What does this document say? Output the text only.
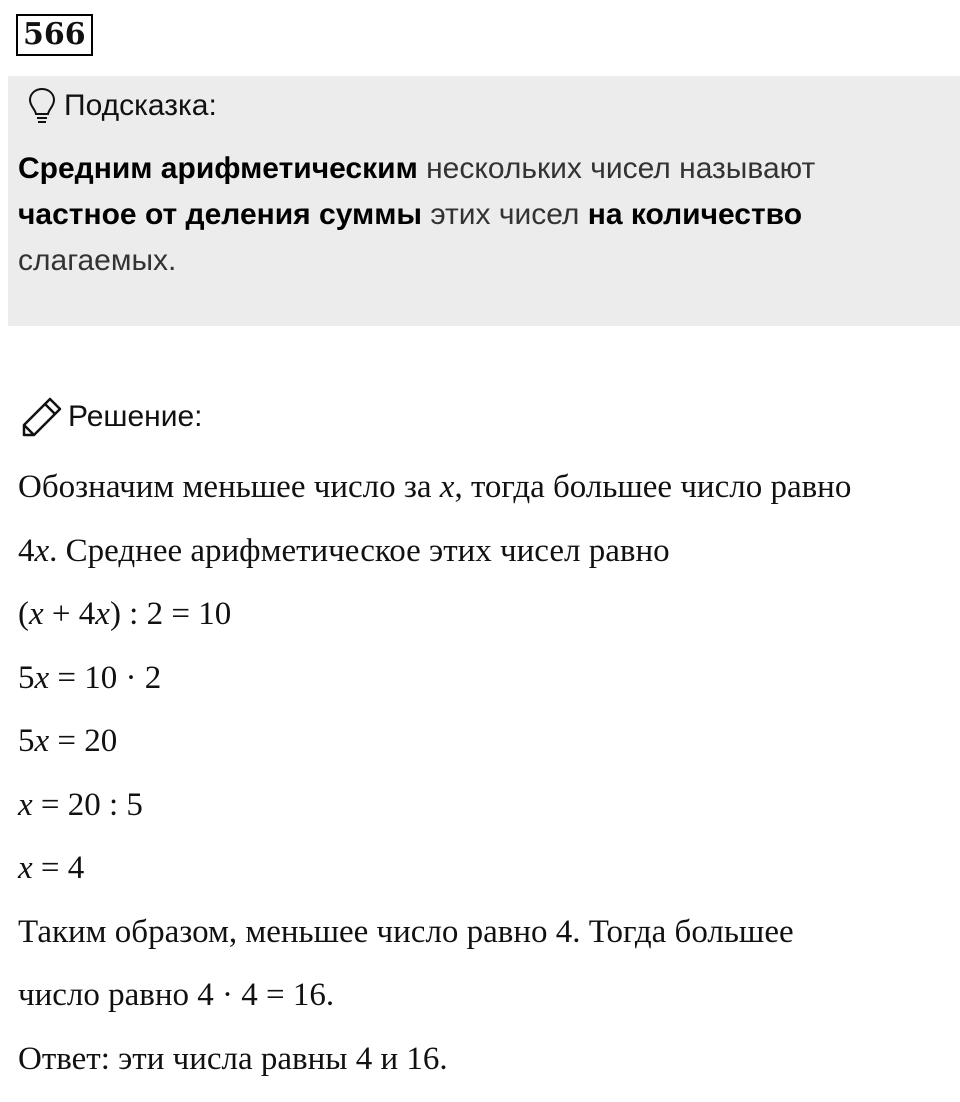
566
Подсказка:
Средним арифметическим нескольких чисел называют
частное от деления суммы этих чисел на количество
слагаемых.
Решение:
Обозначим меньшее число за x, тогда большее число равно
4x. Среднее арифметическое этих чисел равно
(x + 4x) : 2 = 10
5x = 10 · 2
5x = 20
x = 20 : 5
x = 4
Таким образом, меньшее число равно 4. Тогда большее
число равно 4 · 4 = 16.
Ответ: эти числа равны 4 и 16.
